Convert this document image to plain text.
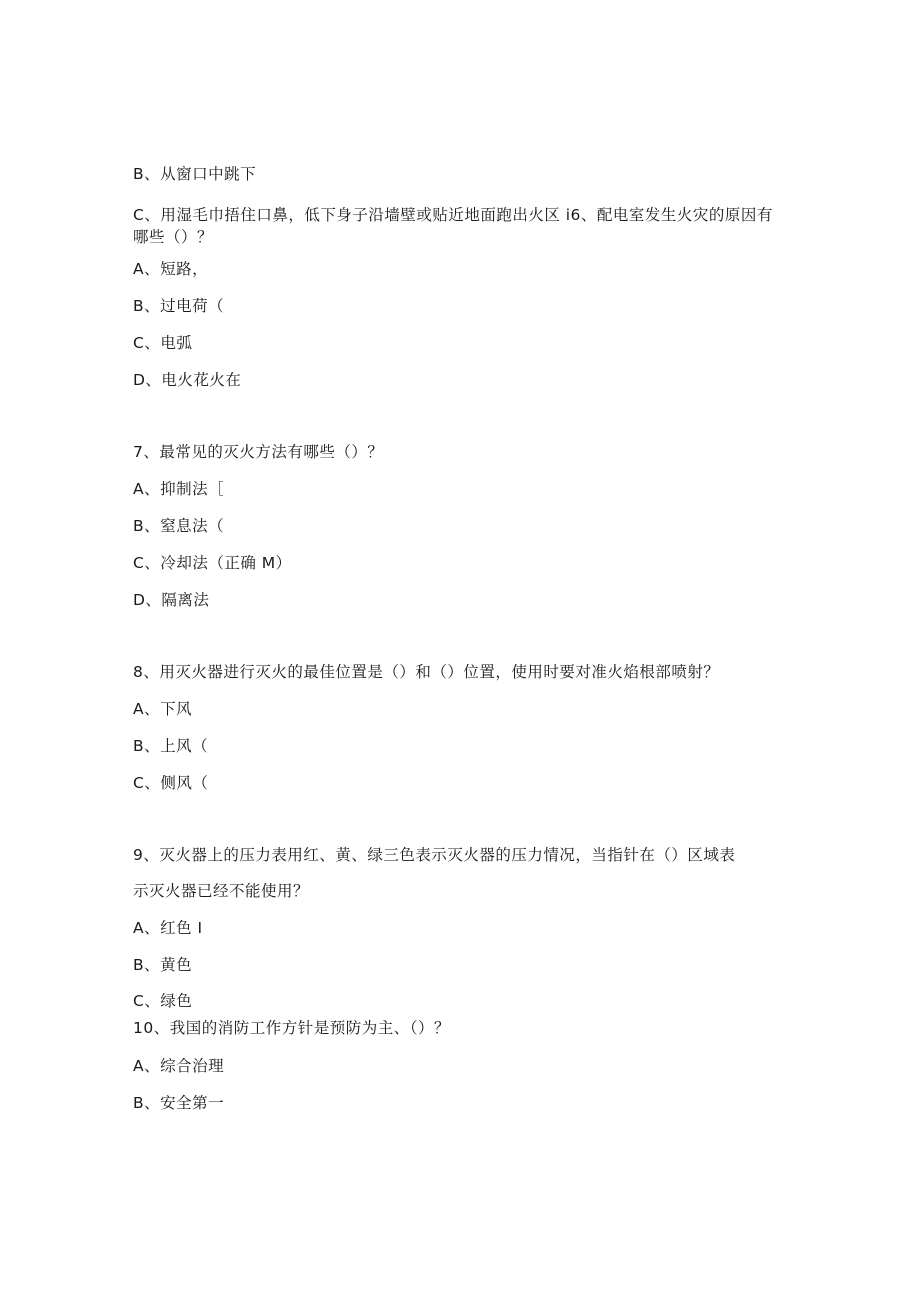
B、从窗口中跳下
C、用湿毛巾捂住口鼻，低下身子沿墙壁或贴近地面跑出火区 i6、配电室发生火灾的原因有哪些（）？
A、短路，
B、过电荷（
C、电弧
D、电火花火在
7、最常见的灭火方法有哪些（）？
A、抑制法［
B、窒息法（
C、冷却法（正确 M）
D、隔离法
8、用灭火器进行灭火的最佳位置是（）和（）位置，使用时要对准火焰根部喷射？
A、下风
B、上风（
C、侧风（
9、灭火器上的压力表用红、黄、绿三色表示灭火器的压力情况，当指针在（）区域表
示灭火器已经不能使用？
A、红色 I
B、黄色
C、绿色
10、我国的消防工作方针是预防为主、（）？
A、综合治理
B、安全第一
